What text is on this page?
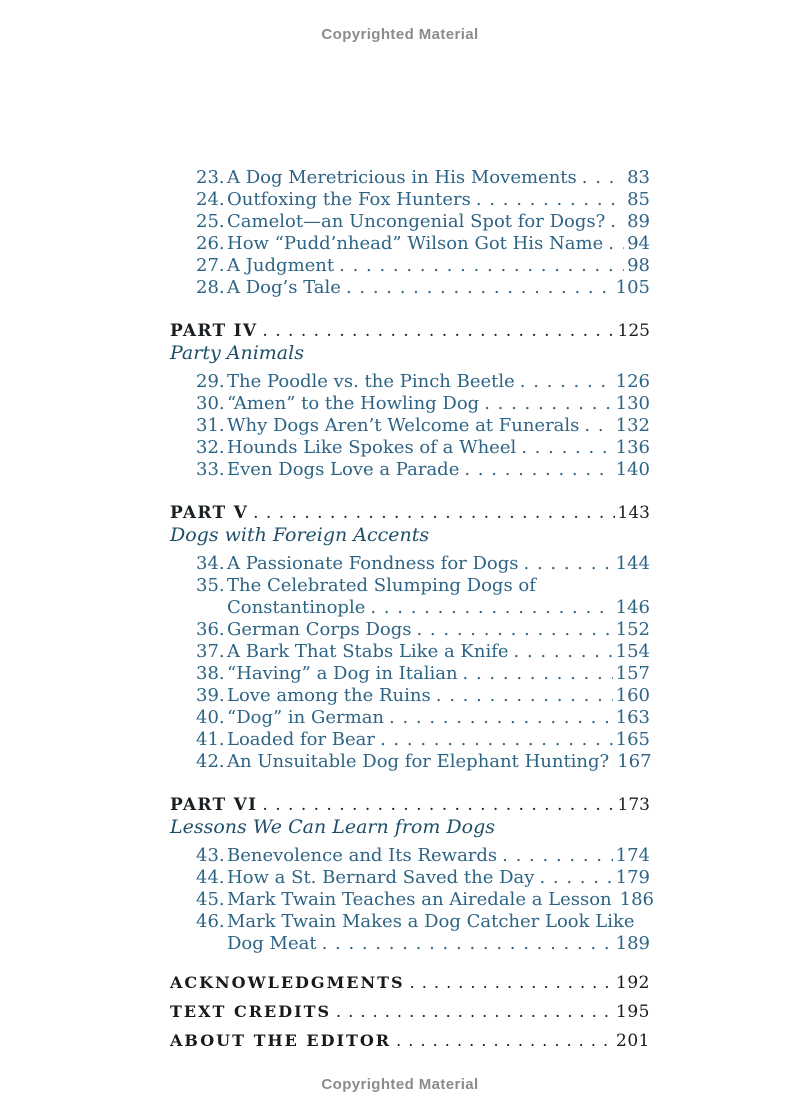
Copyrighted Material
23. A Dog Meretricious in His Movements . . .	83
24. Outfoxing the Fox Hunters . . .	85
25. Camelot—an Uncongenial Spot for Dogs? . . . 89
26. How “Pudd’nhead” Wilson Got His Name . . . 94
27. A Judgment . . .	98
28. A Dog’s Tale . . .	105
PART IV . . .	125
Party Animals
29. The Poodle vs. the Pinch Beetle . . .	126
30. “Amen” to the Howling Dog . . .	130
31. Why Dogs Aren’t Welcome at Funerals . . . 132
32. Hounds Like Spokes of a Wheel . . .	136
33. Even Dogs Love a Parade . . .	140
PART V . . .	143
Dogs with Foreign Accents
34. A Passionate Fondness for Dogs . . .	144
35. The Celebrated Slumping Dogs of
Constantinople . . .	146
36. German Corps Dogs . . .	152
37. A Bark That Stabs Like a Knife . . .	154
38. “Having” a Dog in Italian . . .	157
39. Love among the Ruins . . .	160
40. “Dog” in German . . .	163
41. Loaded for Bear . . .	165
42. An Unsuitable Dog for Elephant Hunting? 167
PART VI . . .	173
Lessons We Can Learn from Dogs
43. Benevolence and Its Rewards . . .	174
44. How a St. Bernard Saved the Day . . .	179
45. Mark Twain Teaches an Airedale a Lesson 186
46. Mark Twain Makes a Dog Catcher Look Like
Dog Meat . . .	189
ACKNOWLEDGMENTS . . .	192
TEXT CREDITS . . .	195
ABOUT THE EDITOR . . .	201
Copyrighted Material
